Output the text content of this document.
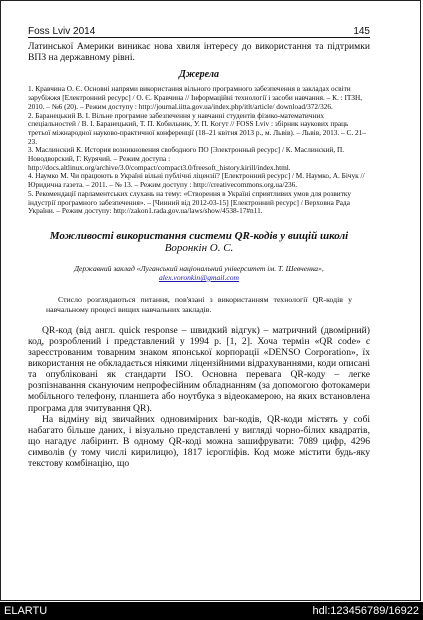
Foss Lviv 2014	145

Латинської Америки виникає нова хвиля інтересу до використання та підтримки ВПЗ на державному рівні.

Джерела

1. Кравчина О. Є. Основні напрями використання вільного програмного забезпечення в закладах освіти зарубіжжя [Електронний ресурс] / О. Є. Кравчина // Інформаційні технології і засоби навчання. – К. : ІТЗН, 2010. – №6 (20). – Режим доступу : http://journal.iitta.gov.ua/index.php/itlt/article/ download/372/326.

2. Баранецький В. І. Вільне програмне забезпечення у навчанні студентів фізико-математичних спеціальностей / В. І. Баранецький, Т. П. Кобильник, У. П. Когут // FOSS Lviv : збірник наукових праць третьої міжнародної науково-практичної конференції (18–21 квітня 2013 р., м. Львів). – Львів, 2013. – С. 21–23.

3. Маслинский К. История возникновения свободного ПО [Электронный ресурс] / К. Маслинский, П. Новодворский, Г. Курячий. – Режим доступа : http://docs.altlinux.org/archive/3.0/compact/compact3.0/freesoft_history.kirill/index.html.

4. Наумко М. Чи працюють в Україні вільні публічні ліцензії? [Електронний ресурс] / М. Наумко, А. Бічук // Юридична газета. – 2011. – № 13. – Режим доступу : http://creativecommons.org.ua/236.

5. Рекомендації парламентських слухань на тему: «Створення в Україні сприятливих умов для розвитку індустрії програмного забезпечення». – [Чинний від 2012-03-15] [Електронний ресурс] / Верховна Рада України. – Режим доступу: http://zakon1.rada.gov.ua/laws/show/4538-17#n11.

Можливості використання системи QR-кодів у вищій школі
Воронкін О. С.
Державний заклад «Луганський національний університет ім. Т. Шевченка»,
alex.vоronkin@gmail.com

Стисло розглядаються питання, пов'язані з використанням технології QR-кодів у навчальному процесі вищих навчальних закладів.

QR-код (від англ. quick response – швидкий відгук) – матричний (двомірний) код, розроблений і представлений у 1994 р. [1, 2]. Хоча термін «QR code» є зареєстрованим товарним знаком японської корпорації «DENSO Corporation», їх використання не обкладається ніякими ліцензійними відрахуваннями, коди описані та опубліковані як стандарти ISO. Основна перевага QR-коду – легке розпізнавання скануючим непрофесійним обладнанням (за допомогою фотокамери мобільного телефону, планшета або ноутбука з відеокамерою, на яких встановлена програма для зчитування QR).

На відміну від звичайних одновимірних bar-кодів, QR-коди містять у собі набагато більше даних, і візуально представлені у вигляді чорно-білих квадратів, що нагадує лабіринт. В одному QR-коді можна зашифрувати: 7089 цифр, 4296 символів (у тому числі кирилицю), 1817 ієрогліфів. Код може містити будь-яку текстову комбінацію, що

ELARTU	hdl:123456789/16922
